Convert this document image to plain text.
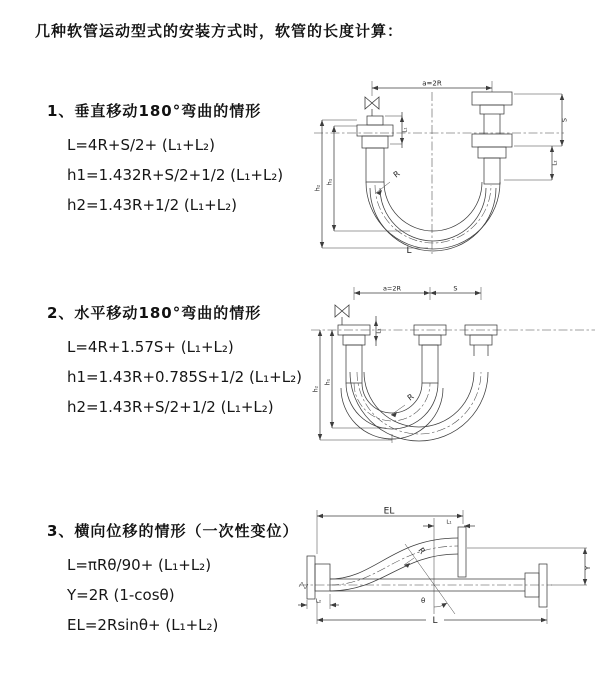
几种软管运动型式的安装方式时，软管的长度计算：
1、垂直移动180°弯曲的情形
L=4R+S/2+ (L₁+L₂)
h1=1.432R+S/2+1/2 (L₁+L₂)
h2=1.43R+1/2 (L₁+L₂)
a=2R
h₂
h₁
L₁
S
L₂
R
L
2、水平移动180°弯曲的情形
L=4R+1.57S+ (L₁+L₂)
h1=1.43R+0.785S+1/2 (L₁+L₂)
h2=1.43R+S/2+1/2 (L₁+L₂)
a=2R	S
h₂
h₁
L₁
R
3、横向位移的情形（一次性变位）
L=πRθ/90+ (L₁+L₂)
Y=2R (1-cosθ)
EL=2Rsinθ+ (L₁+L₂)
EL
L₁
Y
θ
R
L
L₂
